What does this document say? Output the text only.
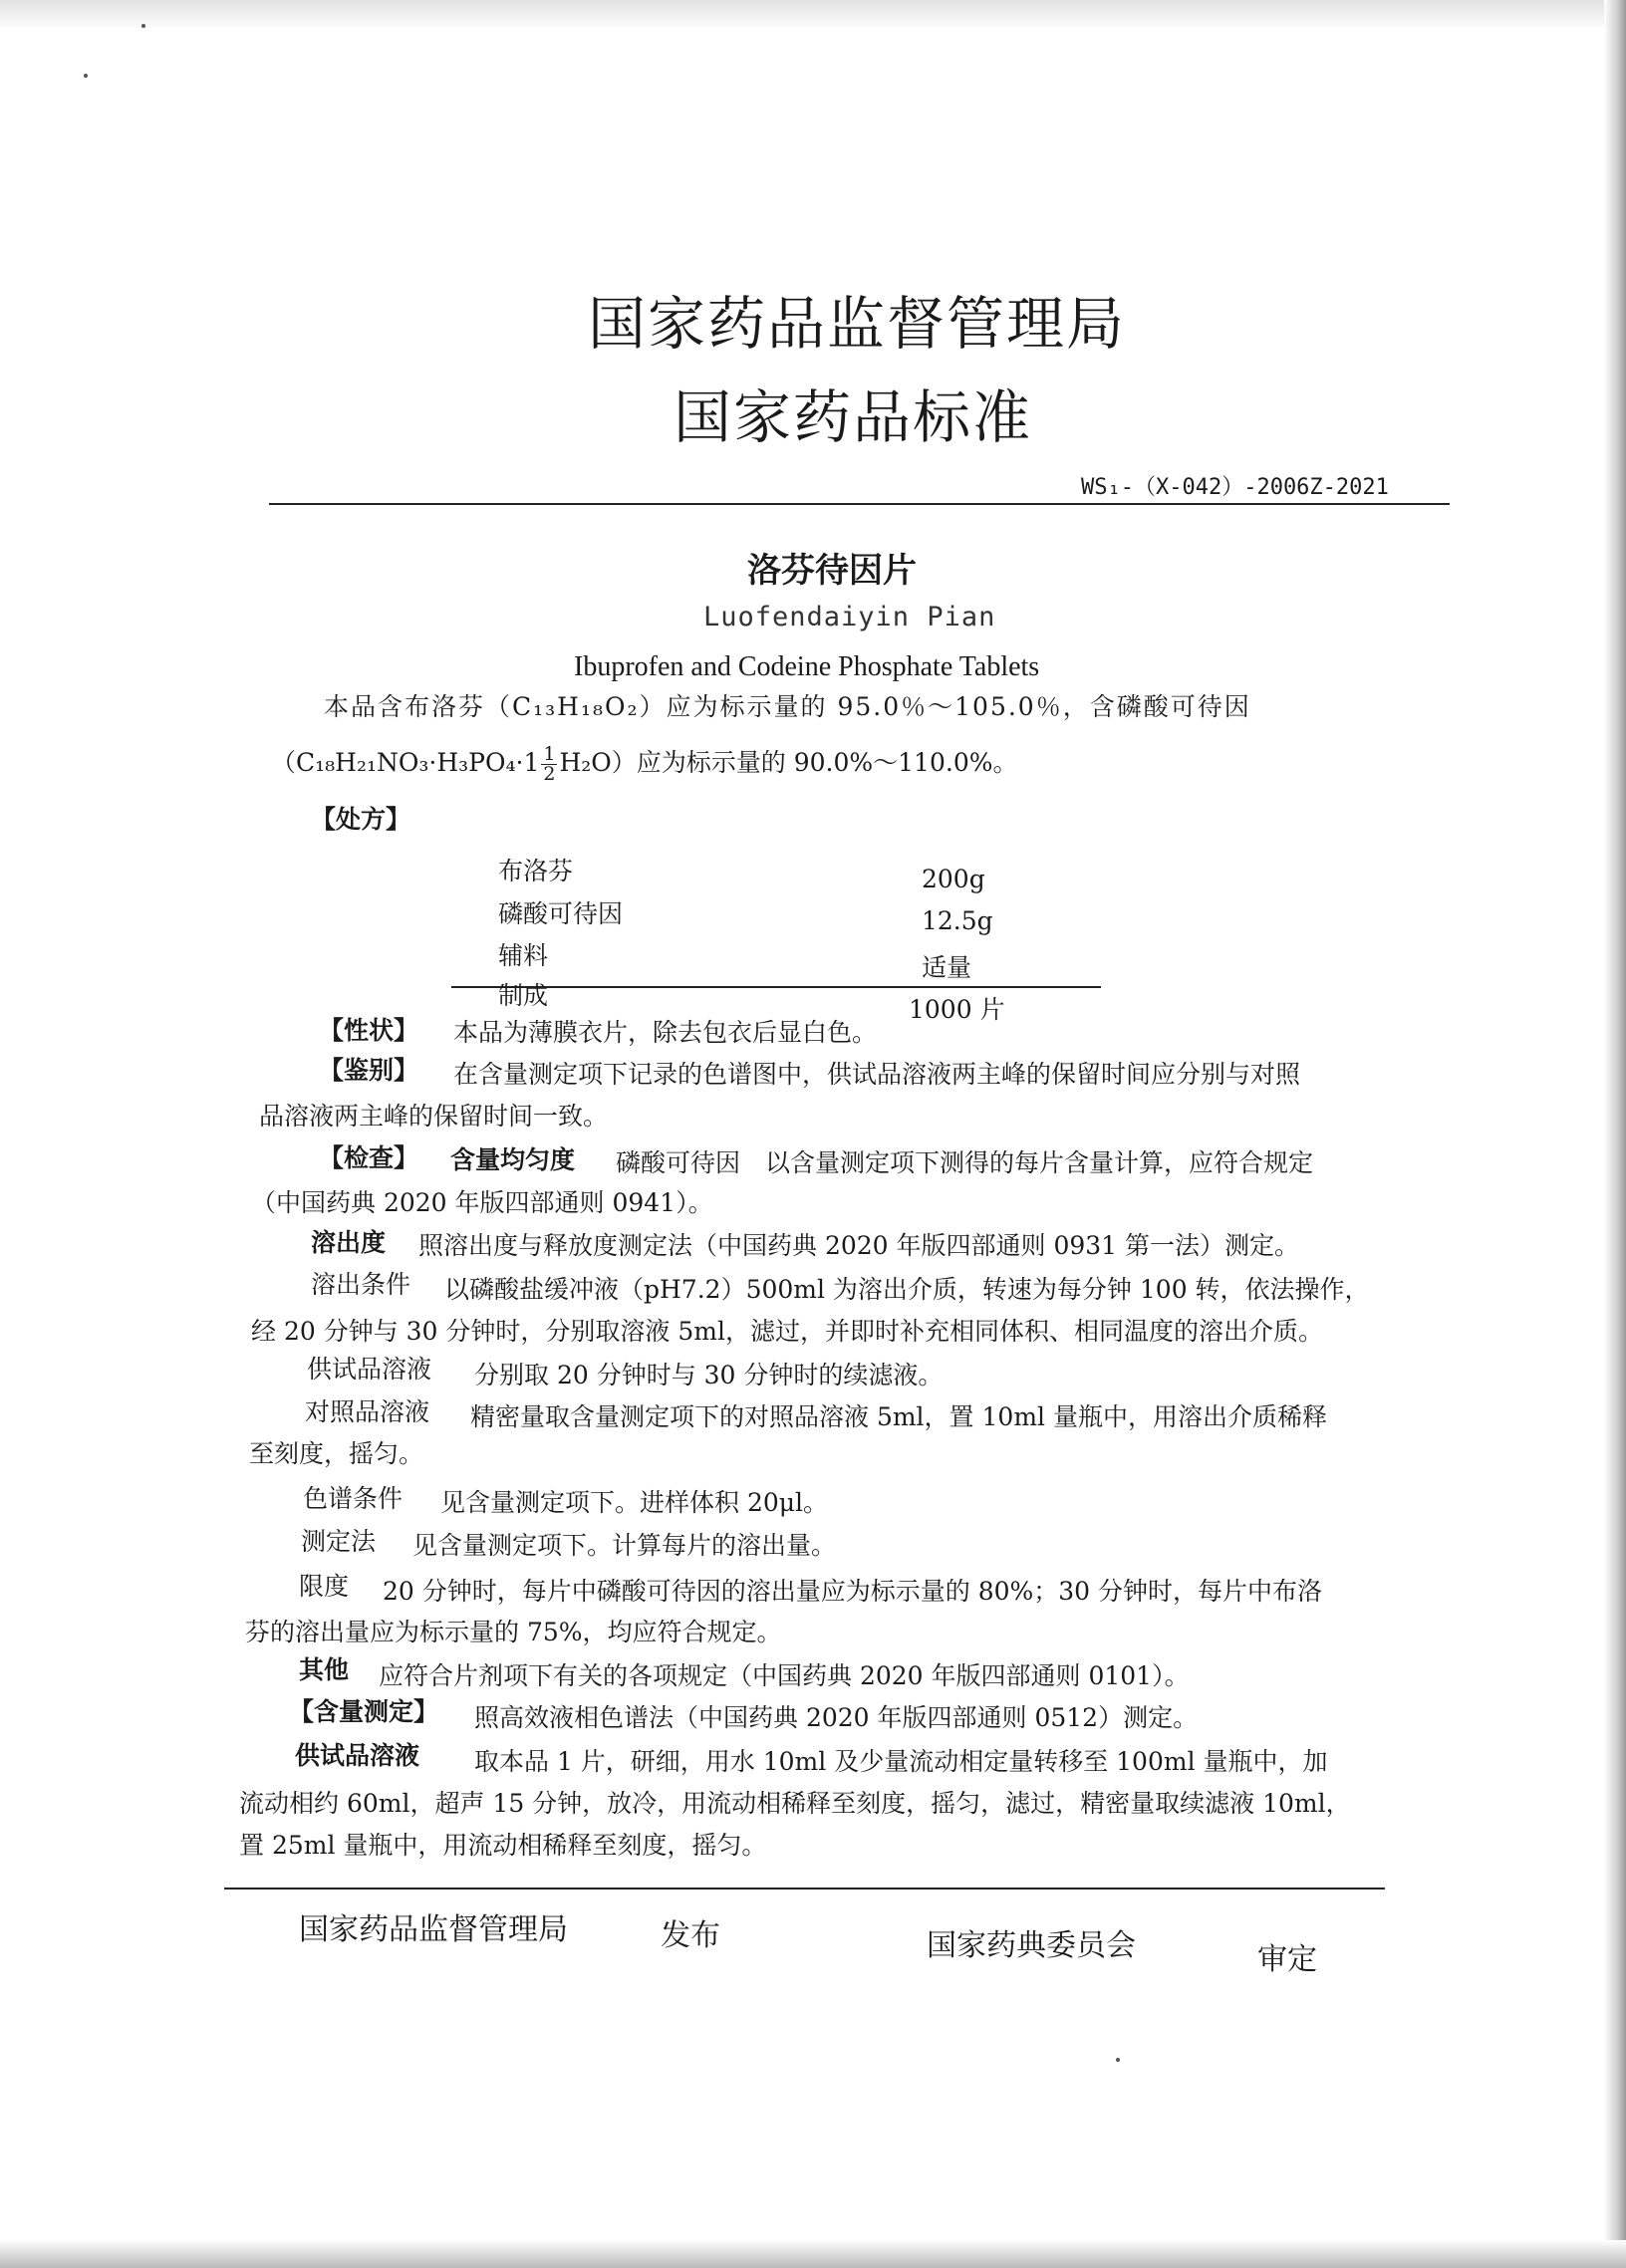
国家药品监督管理局
国家药品标准
WS₁-（X-042）-2006Z-2021
洛芬待因片
Luofendaiyin Pian
Ibuprofen and Codeine Phosphate Tablets
本品含布洛芬（C₁₃H₁₈O₂）应为标示量的 95.0％～105.0％，含磷酸可待因
$(C_{18}H_{21}NO_3\cdot H_3PO_4\cdot 1 \frac{1}{2} H_2O)$应为标示量的 90.0%～110.0%。
【处方】
布洛芬	200g
磷酸可待因	12.5g
辅料	适量
制成	1000 片
【性状】 本品为薄膜衣片，除去包衣后显白色。
【鉴别】 在含量测定项下记录的色谱图中，供试品溶液两主峰的保留时间应分别与对照
品溶液两主峰的保留时间一致。
【检查】 含量均匀度 磷酸可待因　以含量测定项下测得的每片含量计算，应符合规定
（中国药典 2020 年版四部通则 0941）。
溶出度 照溶出度与释放度测定法（中国药典 2020 年版四部通则 0931 第一法）测定。
溶出条件 以磷酸盐缓冲液（pH7.2）500ml 为溶出介质，转速为每分钟 100 转，依法操作，
经 20 分钟与 30 分钟时，分别取溶液 5ml，滤过，并即时补充相同体积、相同温度的溶出介质。
供试品溶液 分别取 20 分钟时与 30 分钟时的续滤液。
对照品溶液 精密量取含量测定项下的对照品溶液 5ml，置 10ml 量瓶中，用溶出介质稀释
至刻度，摇匀。
色谱条件 见含量测定项下。进样体积 20μl。
测定法 见含量测定项下。计算每片的溶出量。
限度 20 分钟时，每片中磷酸可待因的溶出量应为标示量的 80%；30 分钟时，每片中布洛
芬的溶出量应为标示量的 75%，均应符合规定。
其他 应符合片剂项下有关的各项规定（中国药典 2020 年版四部通则 0101）。
【含量测定】 照高效液相色谱法（中国药典 2020 年版四部通则 0512）测定。
供试品溶液 取本品 1 片，研细，用水 10ml 及少量流动相定量转移至 100ml 量瓶中，加
流动相约 60ml，超声 15 分钟，放冷，用流动相稀释至刻度，摇匀，滤过，精密量取续滤液 10ml，
置 25ml 量瓶中，用流动相稀释至刻度，摇匀。
国家药品监督管理局	发布	国家药典委员会	审定
